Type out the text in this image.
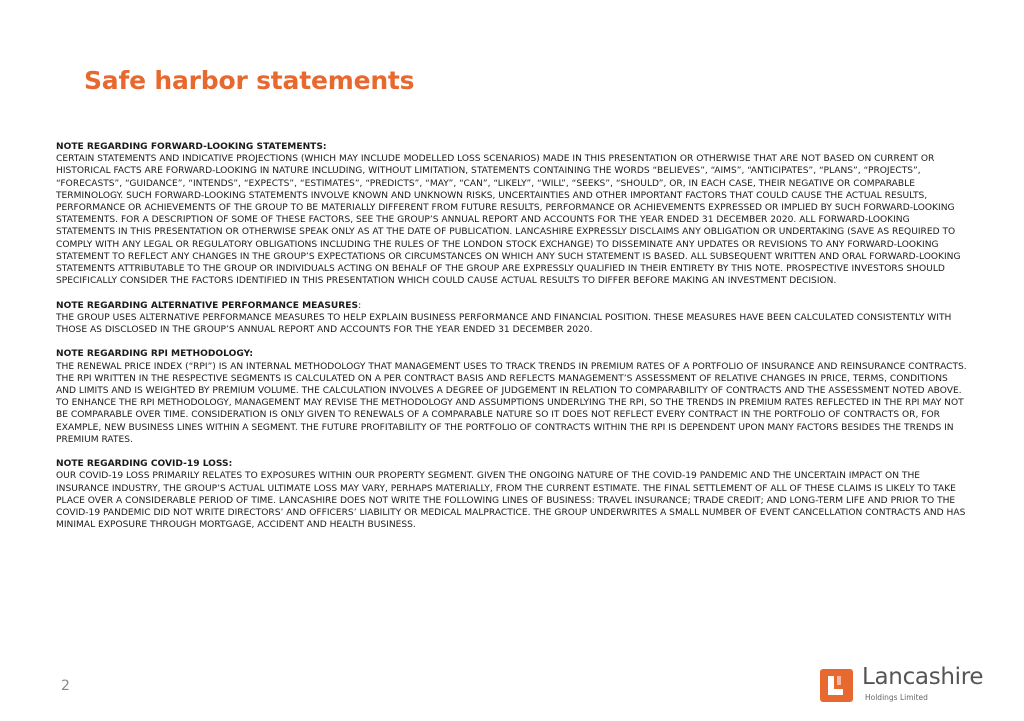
Safe harbor statements
NOTE REGARDING FORWARD-LOOKING STATEMENTS:
CERTAIN STATEMENTS AND INDICATIVE PROJECTIONS (WHICH MAY INCLUDE MODELLED LOSS SCENARIOS) MADE IN THIS PRESENTATION OR OTHERWISE THAT ARE NOT BASED ON CURRENT OR HISTORICAL FACTS ARE FORWARD-LOOKING IN NATURE INCLUDING, WITHOUT LIMITATION, STATEMENTS CONTAINING THE WORDS “BELIEVES”, “AIMS”, “ANTICIPATES”, “PLANS”, “PROJECTS”, “FORECASTS”, “GUIDANCE”, “INTENDS”, “EXPECTS”, “ESTIMATES”, “PREDICTS”, “MAY”, “CAN”, “LIKELY”, “WILL”, “SEEKS”, “SHOULD”, OR, IN EACH CASE, THEIR NEGATIVE OR COMPARABLE TERMINOLOGY. SUCH FORWARD-LOOKING STATEMENTS INVOLVE KNOWN AND UNKNOWN RISKS, UNCERTAINTIES AND OTHER IMPORTANT FACTORS THAT COULD CAUSE THE ACTUAL RESULTS, PERFORMANCE OR ACHIEVEMENTS OF THE GROUP TO BE MATERIALLY DIFFERENT FROM FUTURE RESULTS, PERFORMANCE OR ACHIEVEMENTS EXPRESSED OR IMPLIED BY SUCH FORWARD-LOOKING STATEMENTS. FOR A DESCRIPTION OF SOME OF THESE FACTORS, SEE THE GROUP’S ANNUAL REPORT AND ACCOUNTS FOR THE YEAR ENDED 31 DECEMBER 2020. ALL FORWARD-LOOKING STATEMENTS IN THIS PRESENTATION OR OTHERWISE SPEAK ONLY AS AT THE DATE OF PUBLICATION. LANCASHIRE EXPRESSLY DISCLAIMS ANY OBLIGATION OR UNDERTAKING (SAVE AS REQUIRED TO COMPLY WITH ANY LEGAL OR REGULATORY OBLIGATIONS INCLUDING THE RULES OF THE LONDON STOCK EXCHANGE) TO DISSEMINATE ANY UPDATES OR REVISIONS TO ANY FORWARD-LOOKING STATEMENT TO REFLECT ANY CHANGES IN THE GROUP’S EXPECTATIONS OR CIRCUMSTANCES ON WHICH ANY SUCH STATEMENT IS BASED. ALL SUBSEQUENT WRITTEN AND ORAL FORWARD-LOOKING STATEMENTS ATTRIBUTABLE TO THE GROUP OR INDIVIDUALS ACTING ON BEHALF OF THE GROUP ARE EXPRESSLY QUALIFIED IN THEIR ENTIRETY BY THIS NOTE. PROSPECTIVE INVESTORS SHOULD SPECIFICALLY CONSIDER THE FACTORS IDENTIFIED IN THIS PRESENTATION WHICH COULD CAUSE ACTUAL RESULTS TO DIFFER BEFORE MAKING AN INVESTMENT DECISION.
NOTE REGARDING ALTERNATIVE PERFORMANCE MEASURES:
THE GROUP USES ALTERNATIVE PERFORMANCE MEASURES TO HELP EXPLAIN BUSINESS PERFORMANCE AND FINANCIAL POSITION. THESE MEASURES HAVE BEEN CALCULATED CONSISTENTLY WITH THOSE AS DISCLOSED IN THE GROUP’S ANNUAL REPORT AND ACCOUNTS FOR THE YEAR ENDED 31 DECEMBER 2020.
NOTE REGARDING RPI METHODOLOGY:
THE RENEWAL PRICE INDEX (“RPI”) IS AN INTERNAL METHODOLOGY THAT MANAGEMENT USES TO TRACK TRENDS IN PREMIUM RATES OF A PORTFOLIO OF INSURANCE AND REINSURANCE CONTRACTS. THE RPI WRITTEN IN THE RESPECTIVE SEGMENTS IS CALCULATED ON A PER CONTRACT BASIS AND REFLECTS MANAGEMENT’S ASSESSMENT OF RELATIVE CHANGES IN PRICE, TERMS, CONDITIONS AND LIMITS AND IS WEIGHTED BY PREMIUM VOLUME. THE CALCULATION INVOLVES A DEGREE OF JUDGEMENT IN RELATION TO COMPARABILITY OF CONTRACTS AND THE ASSESSMENT NOTED ABOVE. TO ENHANCE THE RPI METHODOLOGY, MANAGEMENT MAY REVISE THE METHODOLOGY AND ASSUMPTIONS UNDERLYING THE RPI, SO THE TRENDS IN PREMIUM RATES REFLECTED IN THE RPI MAY NOT BE COMPARABLE OVER TIME. CONSIDERATION IS ONLY GIVEN TO RENEWALS OF A COMPARABLE NATURE SO IT DOES NOT REFLECT EVERY CONTRACT IN THE PORTFOLIO OF CONTRACTS OR, FOR EXAMPLE, NEW BUSINESS LINES WITHIN A SEGMENT. THE FUTURE PROFITABILITY OF THE PORTFOLIO OF CONTRACTS WITHIN THE RPI IS DEPENDENT UPON MANY FACTORS BESIDES THE TRENDS IN PREMIUM RATES.
NOTE REGARDING COVID-19 LOSS:
OUR COVID-19 LOSS PRIMARILY RELATES TO EXPOSURES WITHIN OUR PROPERTY SEGMENT. GIVEN THE ONGOING NATURE OF THE COVID-19 PANDEMIC AND THE UNCERTAIN IMPACT ON THE INSURANCE INDUSTRY, THE GROUP’S ACTUAL ULTIMATE LOSS MAY VARY, PERHAPS MATERIALLY, FROM THE CURRENT ESTIMATE. THE FINAL SETTLEMENT OF ALL OF THESE CLAIMS IS LIKELY TO TAKE PLACE OVER A CONSIDERABLE PERIOD OF TIME. LANCASHIRE DOES NOT WRITE THE FOLLOWING LINES OF BUSINESS: TRAVEL INSURANCE; TRADE CREDIT; AND LONG-TERM LIFE AND PRIOR TO THE COVID-19 PANDEMIC DID NOT WRITE DIRECTORS’ AND OFFICERS’ LIABILITY OR MEDICAL MALPRACTICE. THE GROUP UNDERWRITES A SMALL NUMBER OF EVENT CANCELLATION CONTRACTS AND HAS MINIMAL EXPOSURE THROUGH MORTGAGE, ACCIDENT AND HEALTH BUSINESS.
2	Lancashire
Holdings Limited
